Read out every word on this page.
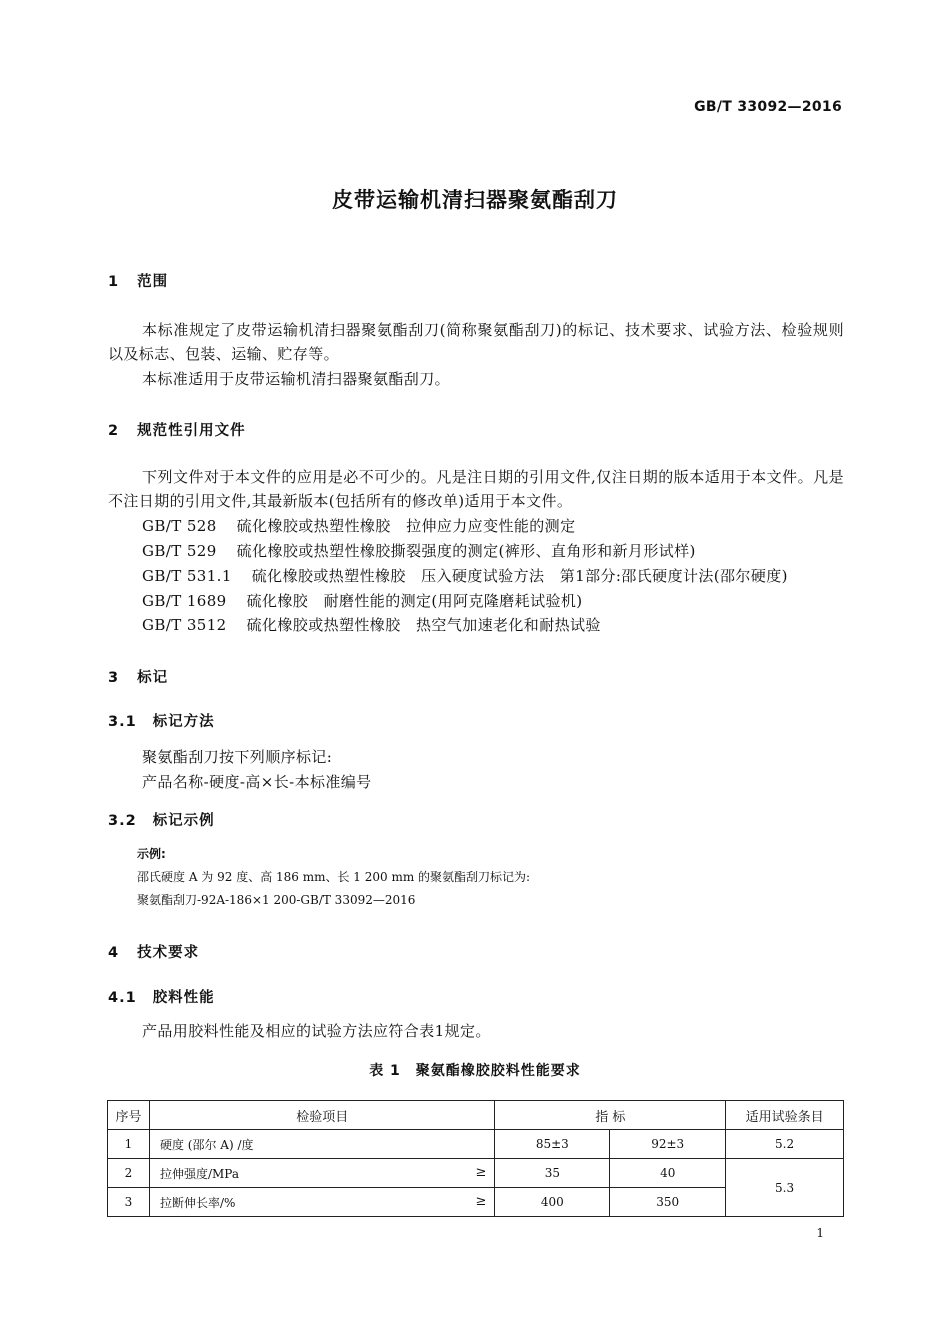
GB/T 33092—2016
皮带运输机清扫器聚氨酯刮刀
1 范围
本标准规定了皮带运输机清扫器聚氨酯刮刀(简称聚氨酯刮刀)的标记、技术要求、试验方法、检验规则以及标志、包装、运输、贮存等。
本标准适用于皮带运输机清扫器聚氨酯刮刀。
2 规范性引用文件
下列文件对于本文件的应用是必不可少的。凡是注日期的引用文件,仅注日期的版本适用于本文件。凡是不注日期的引用文件,其最新版本(包括所有的修改单)适用于本文件。
GB/T 528 硫化橡胶或热塑性橡胶　拉伸应力应变性能的测定
GB/T 529 硫化橡胶或热塑性橡胶撕裂强度的测定(裤形、直角形和新月形试样)
GB/T 531.1 硫化橡胶或热塑性橡胶　压入硬度试验方法　第1部分:邵氏硬度计法(邵尔硬度)
GB/T 1689 硫化橡胶　耐磨性能的测定(用阿克隆磨耗试验机)
GB/T 3512 硫化橡胶或热塑性橡胶　热空气加速老化和耐热试验
3 标记
3.1 标记方法
聚氨酯刮刀按下列顺序标记:
产品名称-硬度-高×长-本标准编号
3.2 标记示例
示例:
邵氏硬度 A 为 92 度、高 186 mm、长 1 200 mm 的聚氨酯刮刀标记为:
聚氨酯刮刀-92A-186×1 200-GB/T 33092—2016
4 技术要求
4.1 胶料性能
产品用胶料性能及相应的试验方法应符合表1规定。
表 1　聚氨酯橡胶胶料性能要求
序号	检验项目	指 标		适用试验条目
1	硬度 (邵尔 A) /度	85±3	92±3	5.2
2	拉伸强度/MPa ≥	35	40	5.3
3	拉断伸长率/% ≥	400	350	
1
